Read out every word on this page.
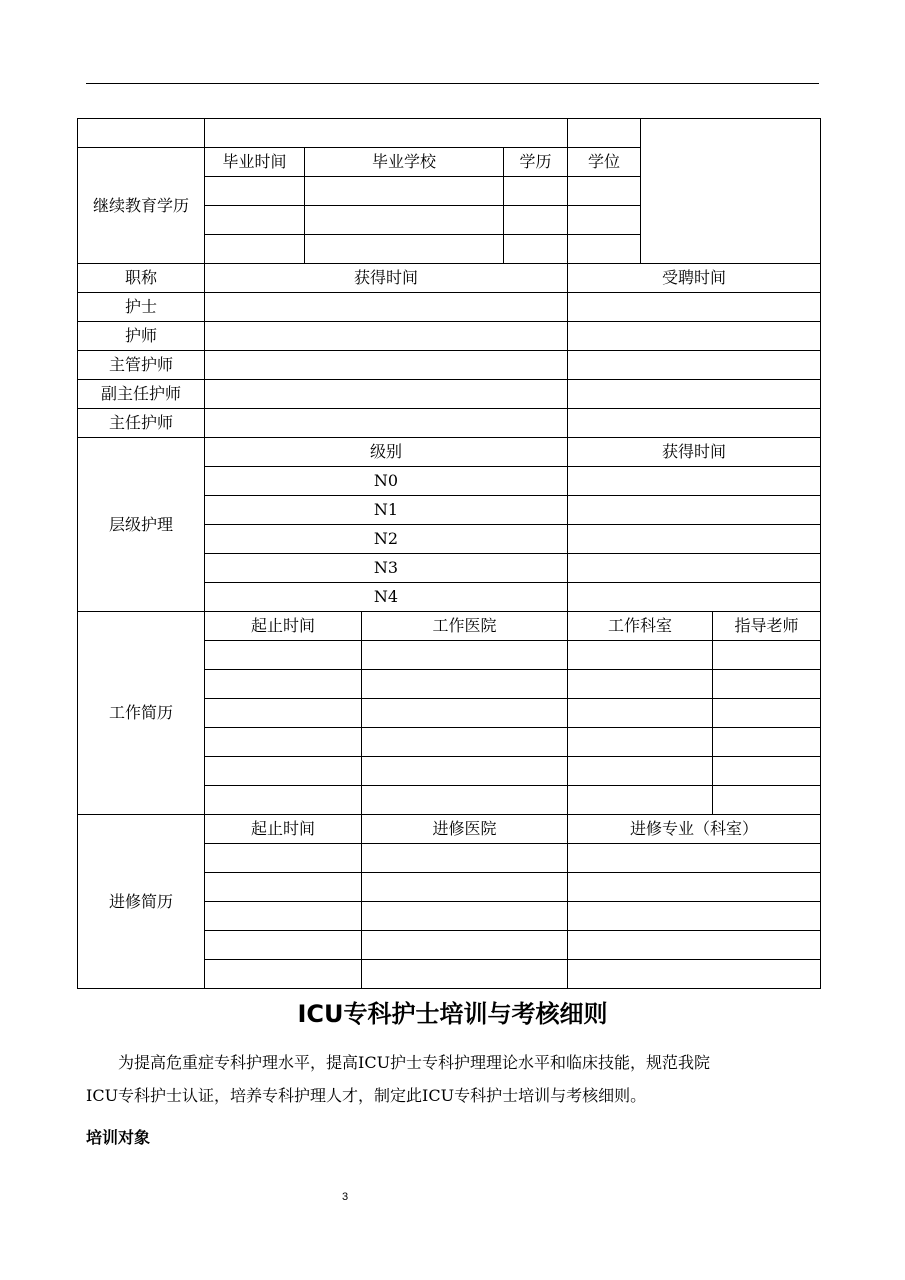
继续教育学历	毕业时间	毕业学校		学历	学位		

职称	获得时间				受聘时间		
护士							
护师							
主管护师							
副主任护师							
主任护师							
层级护理	级别				获得时间		
	N0						
	N1						
	N2						
	N3						
	N4						
工作简历	起止时间		工作医院		工作科室		指导老师

进修简历	起止时间		进修医院		进修专业（科室）		

ICU专科护士培训与考核细则
为提高危重症专科护理水平，提高ICU护士专科护理理论水平和临床技能，规范我院
ICU专科护士认证，培养专科护理人才，制定此ICU专科护士培训与考核细则。
培训对象
3
